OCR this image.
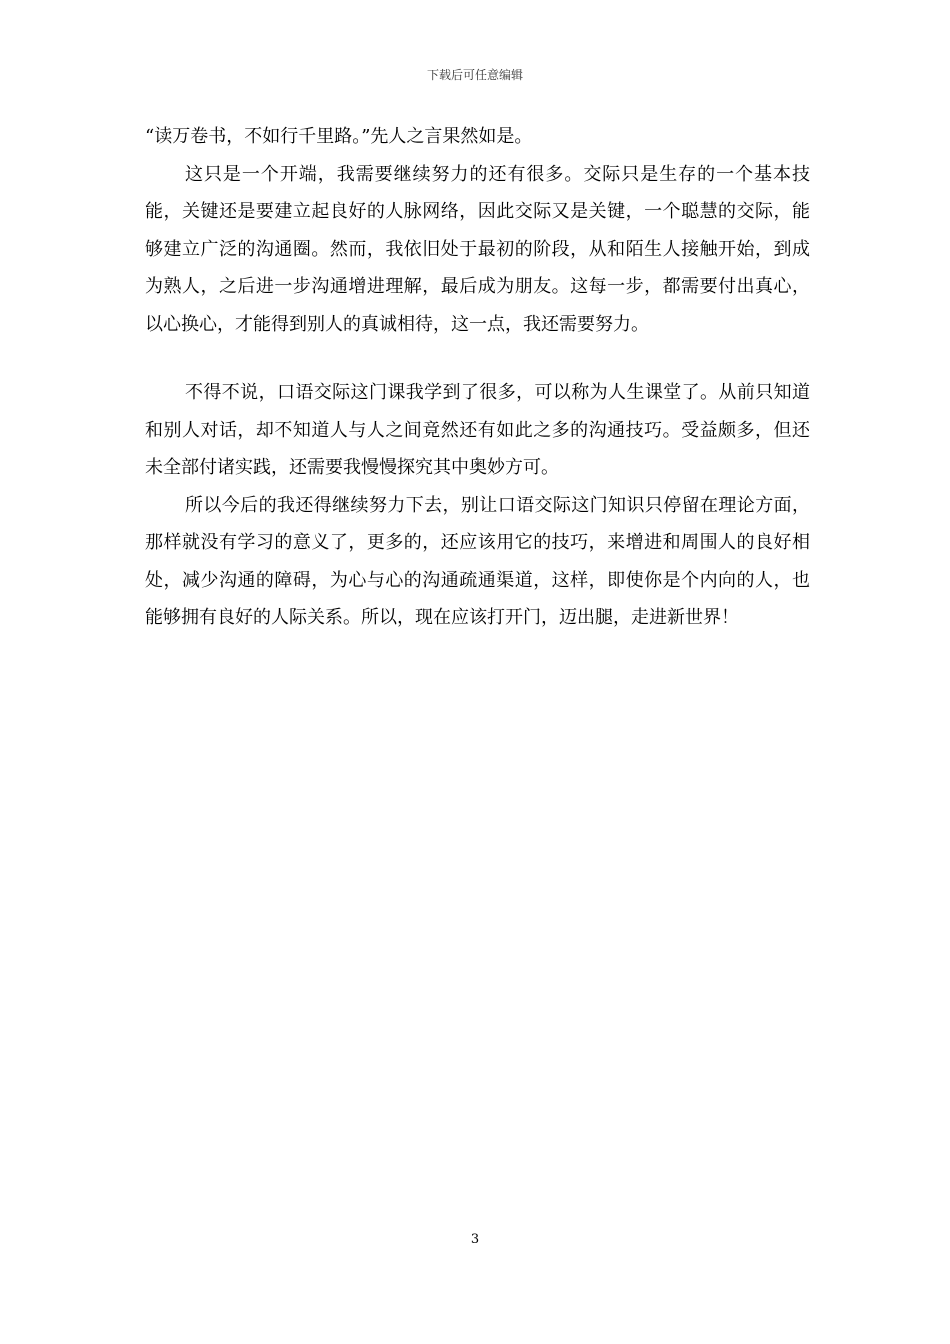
下载后可任意编辑

“读万卷书，不如行千里路。”先人之言果然如是。

这只是一个开端，我需要继续努力的还有很多。交际只是生存的一个基本技能，关键还是要建立起良好的人脉网络，因此交际又是关键，一个聪慧的交际，能够建立广泛的沟通圈。然而，我依旧处于最初的阶段，从和陌生人接触开始，到成为熟人，之后进一步沟通增进理解，最后成为朋友。这每一步，都需要付出真心，以心换心，才能得到别人的真诚相待，这一点，我还需要努力。

不得不说，口语交际这门课我学到了很多，可以称为人生课堂了。从前只知道和别人对话，却不知道人与人之间竟然还有如此之多的沟通技巧。受益颇多，但还未全部付诸实践，还需要我慢慢探究其中奥妙方可。

所以今后的我还得继续努力下去，别让口语交际这门知识只停留在理论方面，那样就没有学习的意义了，更多的，还应该用它的技巧，来增进和周围人的良好相处，减少沟通的障碍，为心与心的沟通疏通渠道，这样，即使你是个内向的人，也能够拥有良好的人际关系。所以，现在应该打开门，迈出腿，走进新世界！

3
